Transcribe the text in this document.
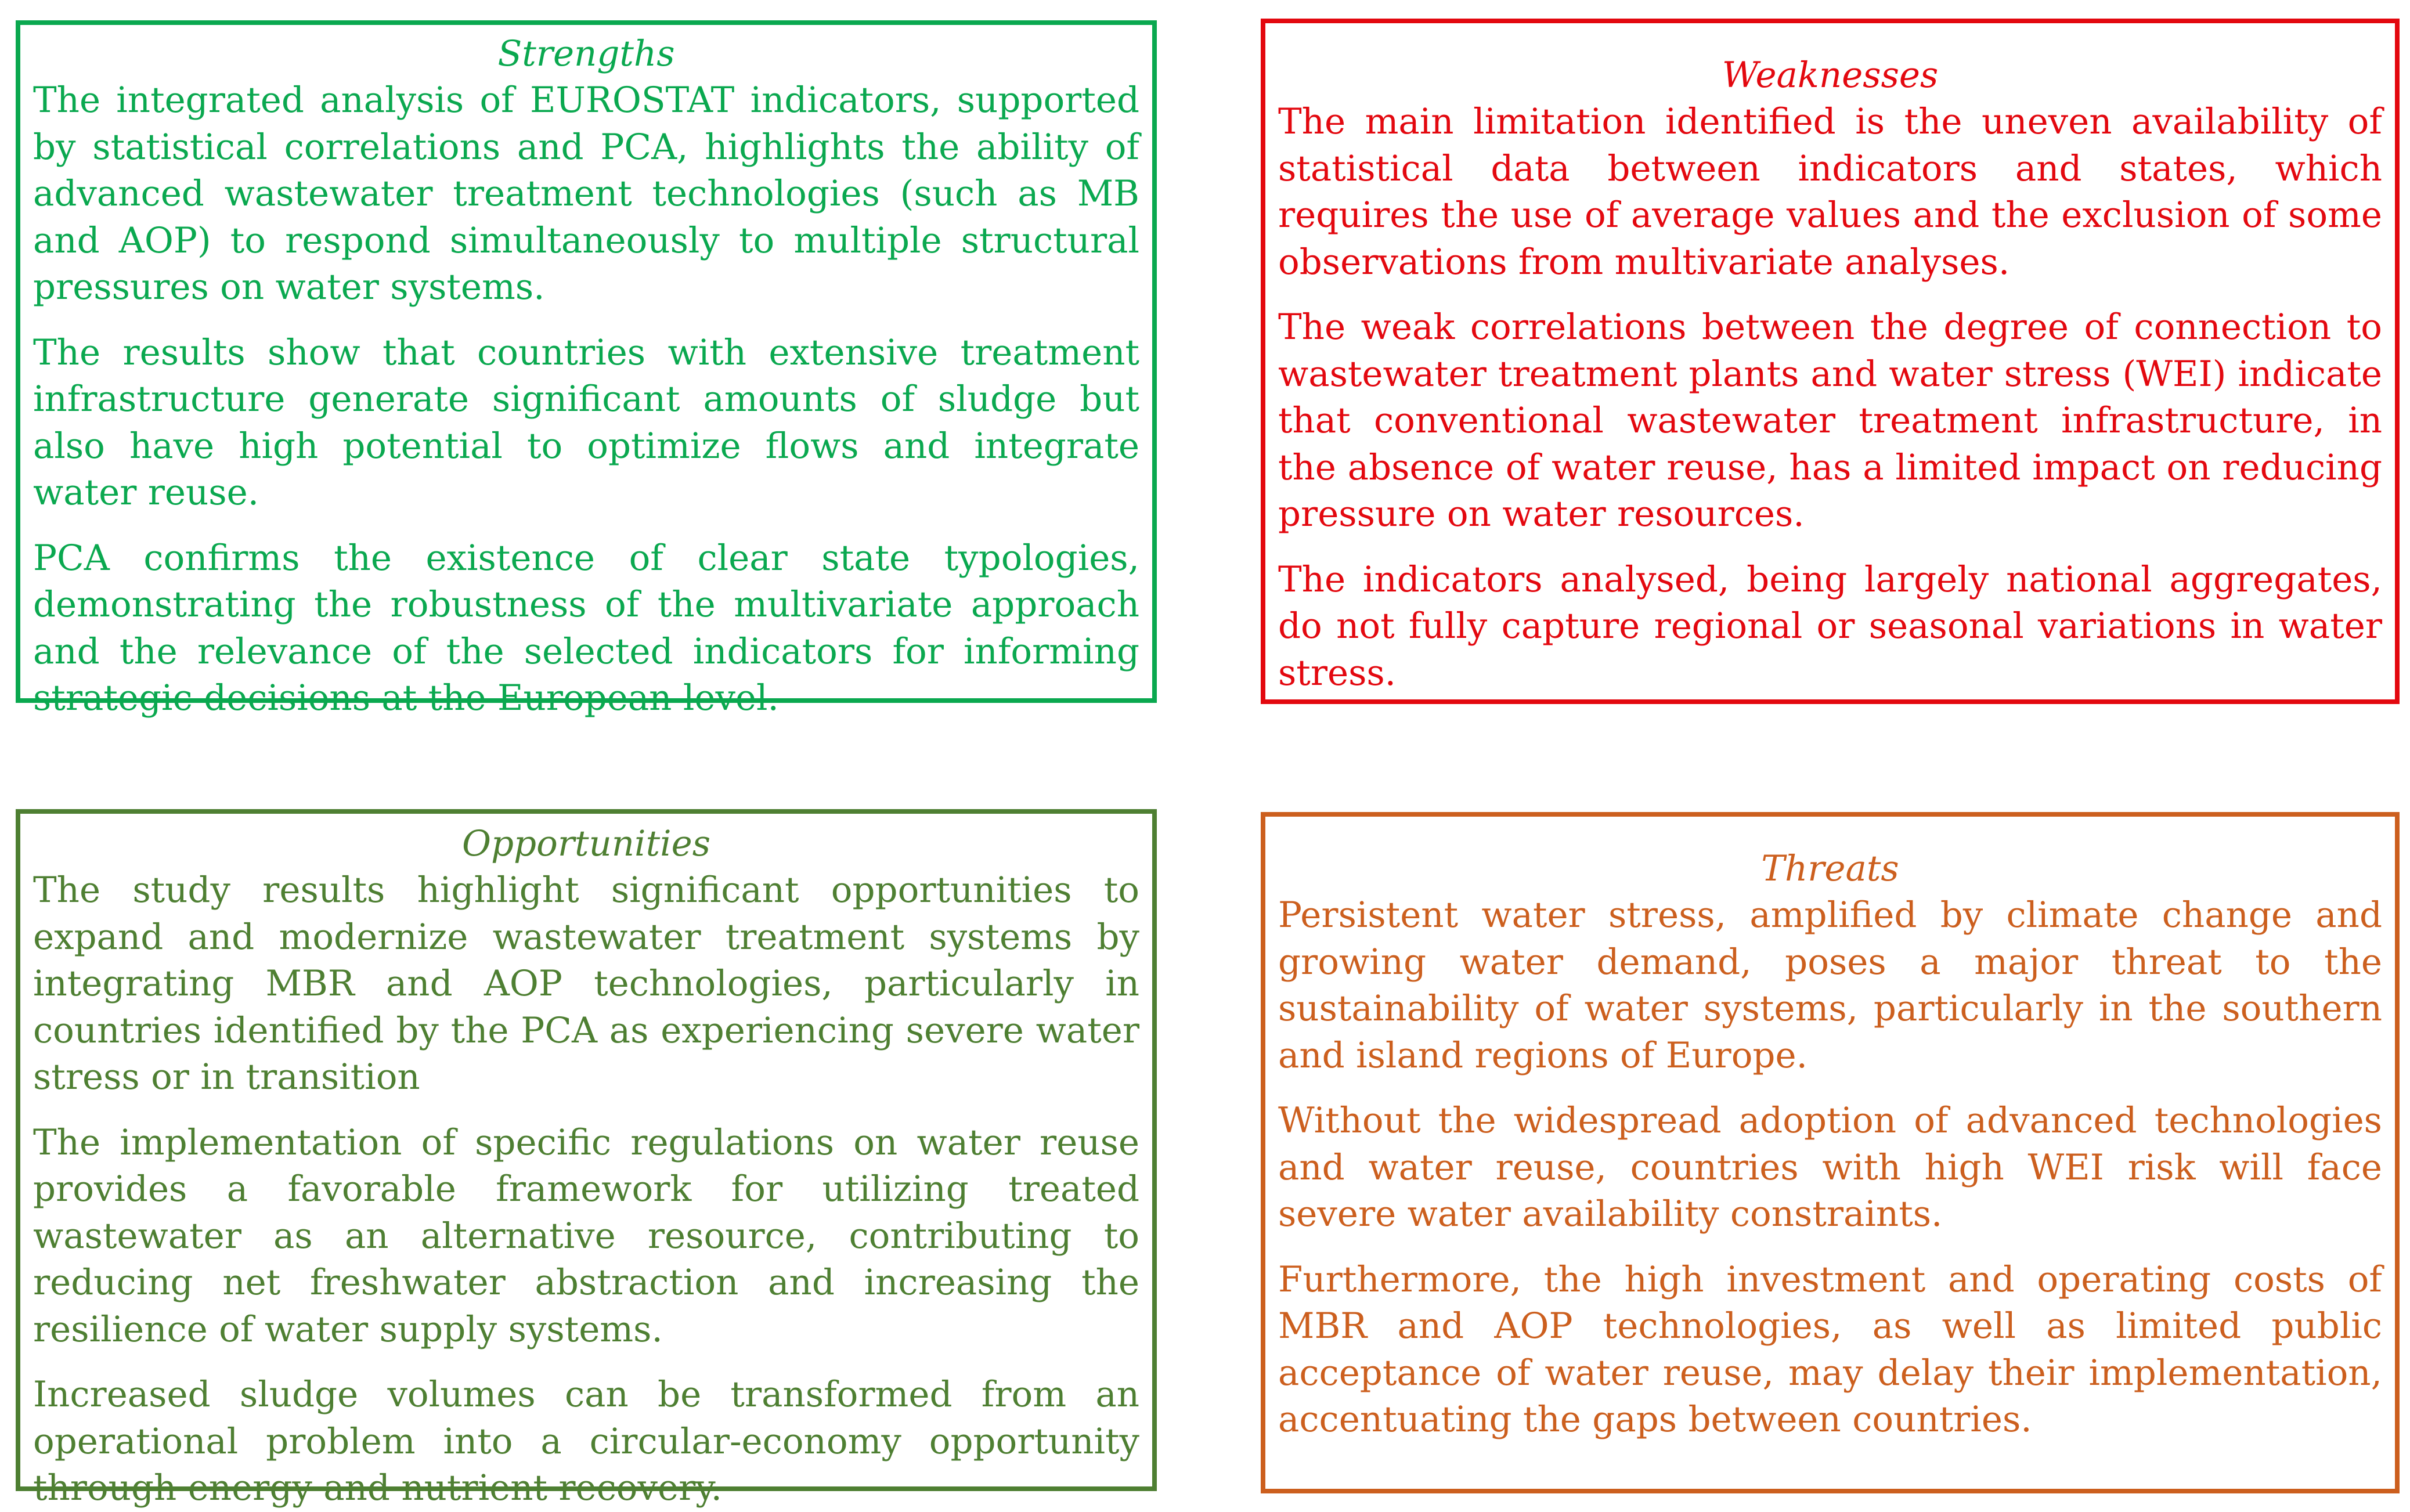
Strengths

The integrated analysis of EUROSTAT indicators, supported by statistical correlations and PCA, highlights the ability of advanced wastewater treatment technologies (such as MB and AOP) to respond simultaneously to multiple structural pressures on water systems.

The results show that countries with extensive treatment infrastructure generate significant amounts of sludge but also have high potential to optimize flows and integrate water reuse.

PCA confirms the existence of clear state typologies, demonstrating the robustness of the multivariate approach and the relevance of the selected indicators for informing strategic decisions at the European level.

Weaknesses

The main limitation identified is the uneven availability of statistical data between indicators and states, which requires the use of average values and the exclusion of some observations from multivariate analyses.

The weak correlations between the degree of connection to wastewater treatment plants and water stress (WEI) indicate that conventional wastewater treatment infrastructure, in the absence of water reuse, has a limited impact on reducing pressure on water resources.

The indicators analysed, being largely national aggregates, do not fully capture regional or seasonal variations in water stress.

Opportunities

The study results highlight significant opportunities to expand and modernize wastewater treatment systems by integrating MBR and AOP technologies, particularly in countries identified by the PCA as experiencing severe water stress or in transition

The implementation of specific regulations on water reuse provides a favorable framework for utilizing treated wastewater as an alternative resource, contributing to reducing net freshwater abstraction and increasing the resilience of water supply systems.

Increased sludge volumes can be transformed from an operational problem into a circular-economy opportunity through energy and nutrient recovery.

Threats

Persistent water stress, amplified by climate change and growing water demand, poses a major threat to the sustainability of water systems, particularly in the southern and island regions of Europe.

Without the widespread adoption of advanced technologies and water reuse, countries with high WEI risk will face severe water availability constraints.

Furthermore, the high investment and operating costs of MBR and AOP technologies, as well as limited public acceptance of water reuse, may delay their implementation, accentuating the gaps between countries.
